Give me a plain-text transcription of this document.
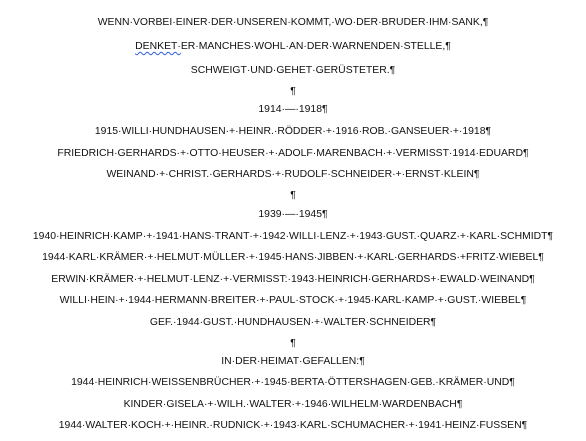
WENN·VORBEI·EINER·DER·UNSEREN·KOMMT,·WO·DER·BRUDER·IHM·SANK,¶
DENKET·ER·MANCHES·WOHL·AN·DER·WARNENDEN·STELLE,¶
SCHWEIGT·UND·GEHET·GERÜSTETER.¶
¶
1914·—·1918¶
1915·WILLI·HUNDHAUSEN·+·HEINR.·RÖDDER·+·1916·ROB.·GANSEUER·+·1918¶
FRIEDRICH·GERHARDS·+·OTTO·HEUSER·+·ADOLF·MARENBACH·+·VERMISST·1914·EDUARD¶
WEINAND·+·CHRIST.·GERHARDS·+·RUDOLF·SCHNEIDER·+·ERNST·KLEIN¶
¶
1939·—·1945¶
1940·HEINRICH·KAMP·+·1941·HANS·TRANT·+·1942·WILLI·LENZ·+·1943·GUST.·QUARZ·+·KARL·SCHMIDT¶
1944·KARL·KRÄMER·+·HELMUT·MÜLLER·+·1945·HANS·JIBBEN·+·KARL·GERHARDS·+FRITZ·WIEBEL¶
ERWIN·KRÄMER·+·HELMUT·LENZ·+·VERMISST:·1943·HEINRICH·GERHARDS+·EWALD·WEINAND¶
WILLI·HEIN·+·1944·HERMANN·BREITER·+·PAUL·STOCK·+·1945·KARL·KAMP·+·GUST.·WIEBEL¶
GEF.·1944·GUST.·HUNDHAUSEN·+·WALTER·SCHNEIDER¶
¶
IN·DER·HEIMAT·GEFALLEN:¶
1944·HEINRICH·WEISSENBRÜCHER·+·1945·BERTA·ÖTTERSHAGEN·GEB.·KRÄMER·UND¶
KINDER·GISELA·+·WILH.·WALTER·+·1946·WILHELM·WARDENBACH¶
1944·WALTER·KOCH·+·HEINR.·RUDNICK·+·1943·KARL·SCHUMACHER·+·1941·HEINZ·FUSSEN¶
